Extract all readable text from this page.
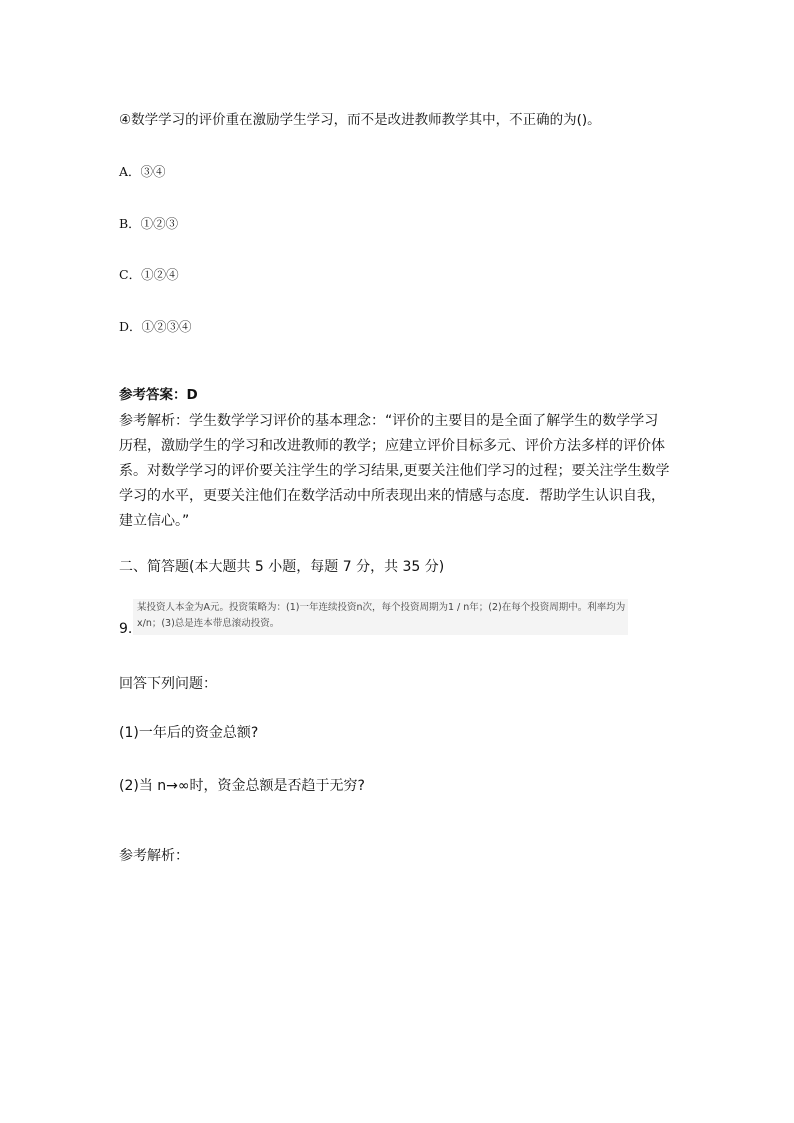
④数学学习的评价重在激励学生学习，而不是改进教师教学其中，不正确的为()。
A．③④
B．①②③
C．①②④
D．①②③④
参考答案：D
参考解析：学生数学学习评价的基本理念：“评价的主要目的是全面了解学生的数学学习
历程，激励学生的学习和改进教师的教学；应建立评价目标多元、评价方法多样的评价体
系。对数学学习的评价要关注学生的学习结果,更要关注他们学习的过程；要关注学生数学
学习的水平，更要关注他们在数学活动中所表现出来的情感与态度．帮助学生认识自我，
建立信心。”
二、简答题(本大题共 5 小题，每题 7 分，共 35 分)
9.
某投资人本金为A元。投资策略为：(1)一年连续投资n次，每个投资周期为1 / n年；(2)在每个投资周期中。利率均为
x/n；(3)总是连本带息滚动投资。
回答下列问题：
(1)一年后的资金总额?
(2)当 n→∞时，资金总额是否趋于无穷?
参考解析：
